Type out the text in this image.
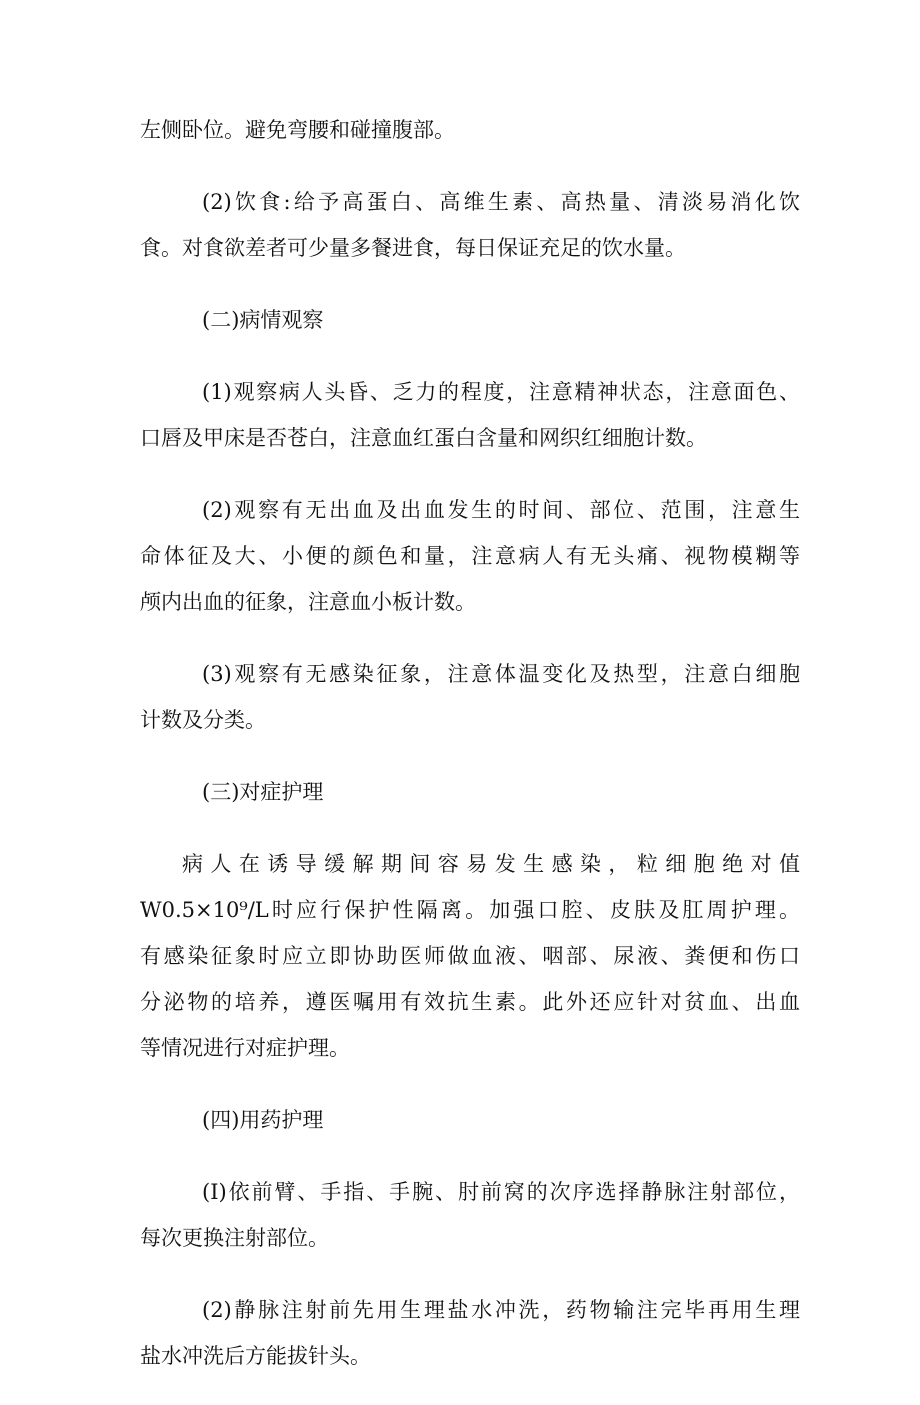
左侧卧位。避免弯腰和碰撞腹部。

(2)饮食:给予高蛋白、高维生素、高热量、清淡易消化饮
食。对食欲差者可少量多餐进食，每日保证充足的饮水量。

(二)病情观察

(1)观察病人头昏、乏力的程度，注意精神状态，注意面色、
口唇及甲床是否苍白，注意血红蛋白含量和网织红细胞计数。

(2)观察有无出血及出血发生的时间、部位、范围，注意生
命体征及大、小便的颜色和量，注意病人有无头痛、视物模糊等
颅内出血的征象，注意血小板计数。

(3)观察有无感染征象，注意体温变化及热型，注意白细胞
计数及分类。

(三)对症护理

病人在诱导缓解期间容易发生感染，粒细胞绝对值
W0.5×10⁹/L时应行保护性隔离。加强口腔、皮肤及肛周护理。
有感染征象时应立即协助医师做血液、咽部、尿液、粪便和伤口
分泌物的培养，遵医嘱用有效抗生素。此外还应针对贫血、出血
等情况进行对症护理。

(四)用药护理

(I)依前臂、手指、手腕、肘前窝的次序选择静脉注射部位，
每次更换注射部位。

(2)静脉注射前先用生理盐水冲洗，药物输注完毕再用生理
盐水冲洗后方能拔针头。
